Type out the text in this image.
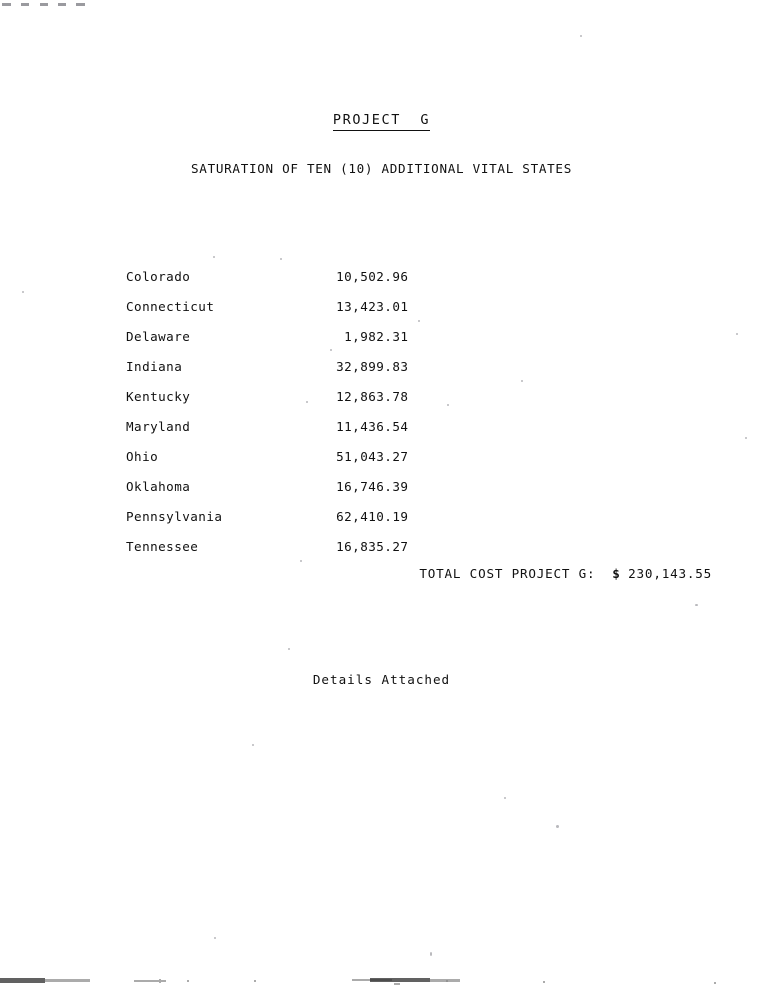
PROJECT  G
SATURATION OF TEN (10) ADDITIONAL VITAL STATES
Colorado	10,502.96
Connecticut	13,423.01
Delaware	1,982.31
Indiana	32,899.83
Kentucky	12,863.78
Maryland	11,436.54
Ohio	51,043.27
Oklahoma	16,746.39
Pennsylvania	62,410.19
Tennessee	16,835.27
TOTAL COST PROJECT G: $ 230,143.55
Details Attached
